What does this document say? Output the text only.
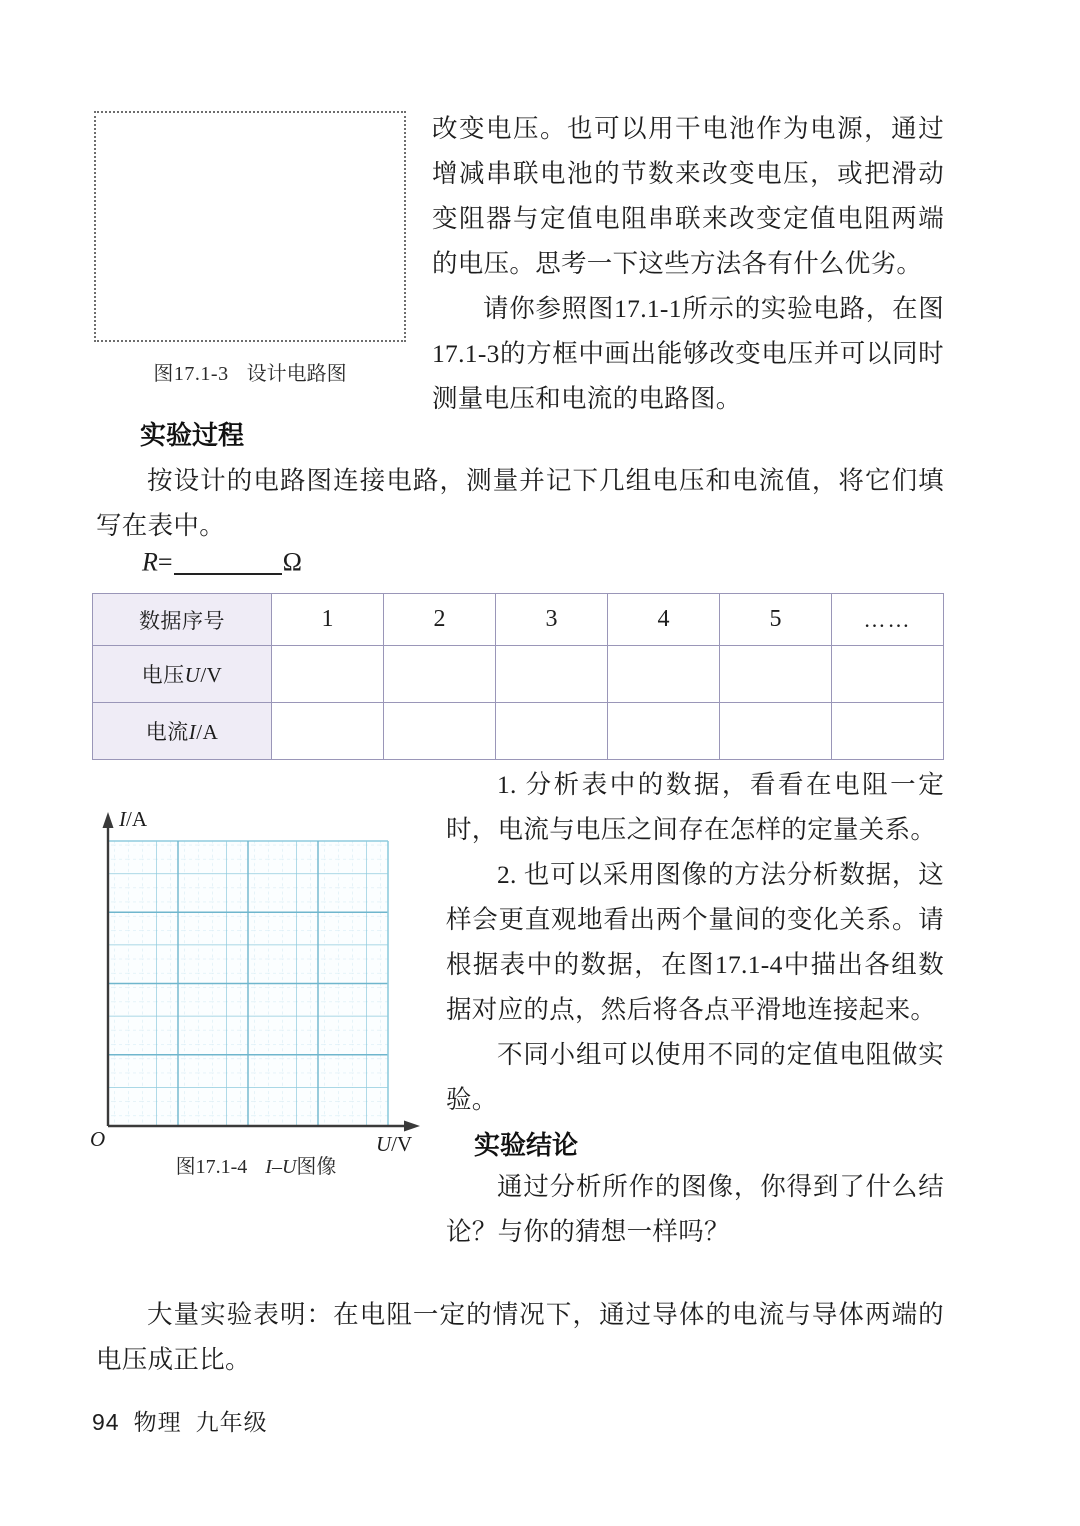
图17.1-3 设计电路图

改变电压。也可以用干电池作为电源，通过增减串联电池的节数来改变电压，或把滑动变阻器与定值电阻串联来改变定值电阻两端的电压。思考一下这些方法各有什么优劣。

请你参照图17.1-1所示的实验电路，在图17.1-3的方框中画出能够改变电压并可以同时测量电压和电流的电路图。

实验过程

按设计的电路图连接电路，测量并记下几组电压和电流值，将它们填写在表中。

R=	Ω
数据序号	1	2	3	4	5	……
电压U/V						
电流I/A						
I/A
U/V
O
图17.1-4 I–U图像

1. 分析表中的数据，看看在电阻一定时，电流与电压之间存在怎样的定量关系。

2. 也可以采用图像的方法分析数据，这样会更直观地看出两个量间的变化关系。请根据表中的数据，在图17.1-4中描出各组数据对应的点，然后将各点平滑地连接起来。

不同小组可以使用不同的定值电阻做实验。

实验结论

通过分析所作的图像，你得到了什么结论？与你的猜想一样吗？

大量实验表明：在电阻一定的情况下，通过导体的电流与导体两端的电压成正比。

94 物理 九年级
